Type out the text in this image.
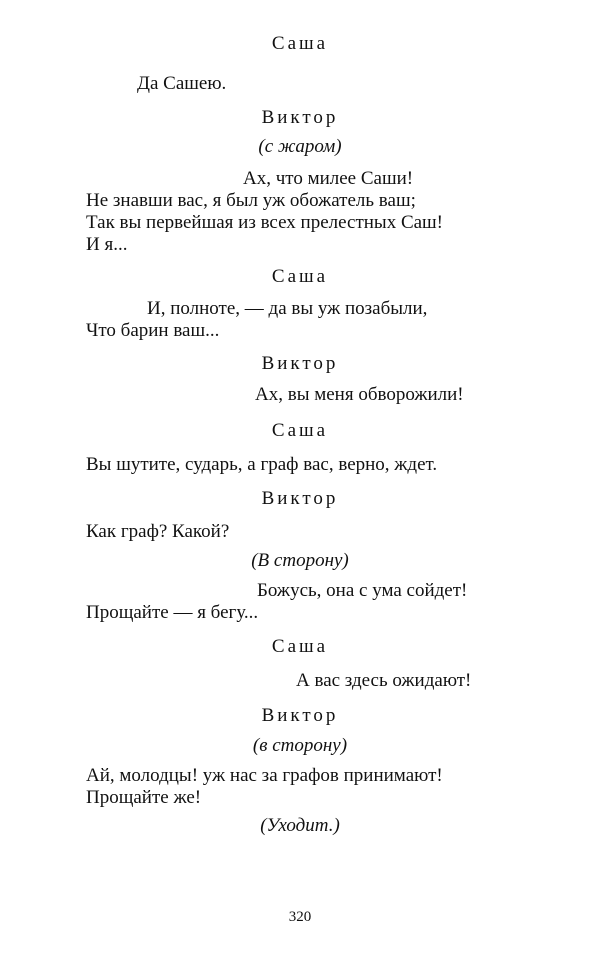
Саша
Да Сашею.
Виктор
(с жаром)
Ах, что милее Саши!
Не знавши вас, я был уж обожатель ваш;
Так вы первейшая из всех прелестных Саш!
И я...
Саша
И, полноте, — да вы уж позабыли,
Что барин ваш...
Виктор
Ах, вы меня обворожили!
Саша
Вы шутите, сударь, а граф вас, верно, ждет.
Виктор
Как граф? Какой?
(В сторону)
Божусь, она с ума сойдет!
Прощайте — я бегу...
Саша
А вас здесь ожидают!
Виктор
(в сторону)
Ай, молодцы! уж нас за графов принимают!
Прощайте же!
(Уходит.)
320
